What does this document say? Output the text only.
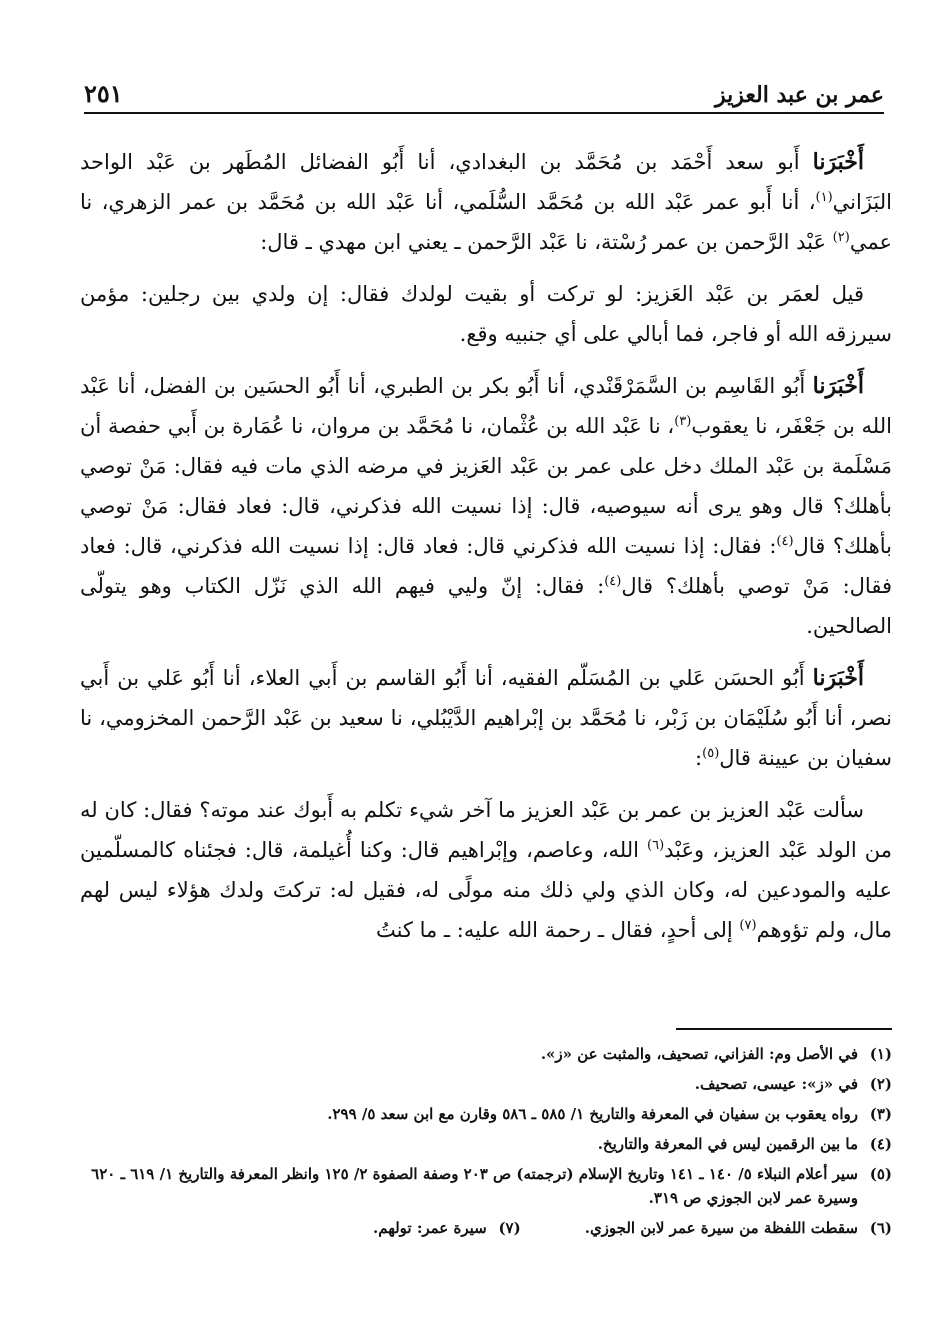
عمر بن عبد العزيز
٢٥١

أَخْبَرَنا أَبو سعد أَحْمَد بن مُحَمَّد بن البغدادي، أنا أَبُو الفضائل المُطَهر بن عَبْد الواحد البَزَاني$^{(١)}$، أنا أَبو عمر عَبْد الله بن مُحَمَّد السُّلَمي، أنا عَبْد الله بن مُحَمَّد بن عمر الزهري، نا عمي$^{(٢)}$ عَبْد الرَّحمن بن عمر رُسْتة، نا عَبْد الرَّحمن ـ يعني ابن مهدي ـ قال:

قيل لعمَر بن عَبْد العَزيز: لو تركت أو بقيت لولدك فقال: إن ولدي بين رجلين: مؤمن سيرزقه الله أو فاجر، فما أبالي على أي جنبيه وقع.

أَخْبَرَنا أَبُو القَاسِم بن السَّمَرْقَنْدي، أنا أَبُو بكر بن الطبري، أنا أَبُو الحسَين بن الفضل، أنا عَبْد الله بن جَعْفَر، نا يعقوب$^{(٣)}$، نا عَبْد الله بن عُثْمان، نا مُحَمَّد بن مروان، نا عُمَارة بن أَبي حفصة أن مَسْلَمة بن عَبْد الملك دخل على عمر بن عَبْد العَزيز في مرضه الذي مات فيه فقال: مَنْ توصي بأهلك؟ قال وهو يرى أنه سيوصيه، قال: إذا نسيت الله فذكرني، قال: فعاد فقال: مَنْ توصي بأهلك؟ قال$^{(٤)}$: فقال: إذا نسيت الله فذكرني قال: فعاد قال: إذا نسيت الله فذكرني، قال: فعاد فقال: مَنْ توصي بأهلك؟ قال$^{(٤)}$: فقال: إنّ وليي فيهم الله الذي نَزّل الكتاب وهو يتولّى الصالحين.

أَخْبَرَنا أَبُو الحسَن عَلي بن المُسَلّم الفقيه، أنا أَبُو القاسم بن أَبي العلاء، أنا أَبُو عَلي بن أَبي نصر، أنا أَبُو سُلَيْمَان بن زَبْر، نا مُحَمَّد بن إبْراهيم الدَّيْبُلي، نا سعيد بن عَبْد الرَّحمن المخزومي، نا سفيان بن عيينة قال$^{(٥)}$:

سألت عَبْد العزيز بن عمر بن عَبْد العزيز ما آخر شيء تكلم به أَبوك عند موته؟ فقال: كان له من الولد عَبْد العزيز، وعَبْد$^{(٦)}$ الله، وعاصم، وإبْراهيم قال: وكنا أُغيلمة، قال: فجئناه كالمسلّمين عليه والمودعين له، وكان الذي ولي ذلك منه مولًى له، فقيل له: تركتَ ولدك هؤلاء ليس لهم مال، ولم تؤوهم$^{(٧)}$ إلى أحدٍ، فقال ـ رحمة الله عليه: ـ ما كنتُ

(١)
في الأصل وم: الفزاني، تصحيف، والمثبت عن «ز».
(٢)
في «ز»: عيسى، تصحيف.
(٣)
رواه يعقوب بن سفيان في المعرفة والتاريخ ١/ ٥٨٥ ـ ٥٨٦ وقارن مع ابن سعد ٥/ ٢٩٩.
(٤)
ما بين الرقمين ليس في المعرفة والتاريخ.
(٥)
سير أعلام النبلاء ٥/ ١٤٠ ـ ١٤١ وتاريخ الإسلام (ترجمته) ص ٢٠٣ وصفة الصفوة ٢/ ١٢٥ وانظر المعرفة والتاريخ ١/ ٦١٩ ـ ٦٢٠ وسيرة عمر لابن الجوزي ص ٣١٩.
(٦)
سقطت اللفظة من سيرة عمر لابن الجوزي.
(٧)
سيرة عمر: تولهم.
